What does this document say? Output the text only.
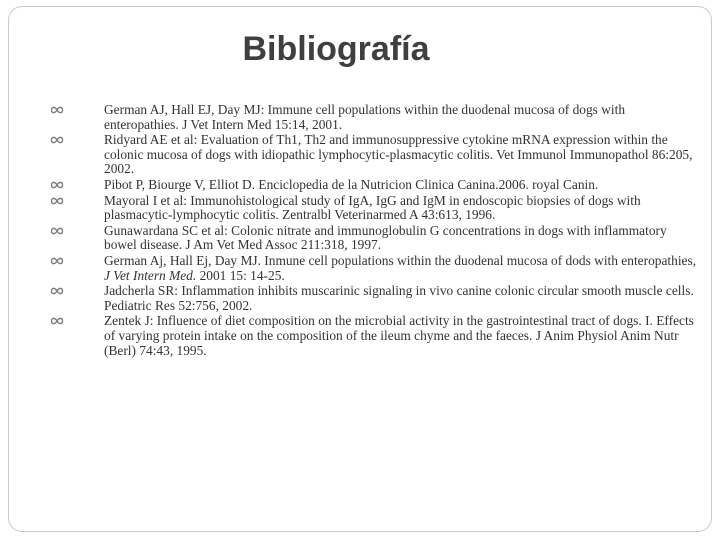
Bibliografía
German AJ, Hall EJ, Day MJ: Immune cell populations within the duodenal mucosa of dogs with enteropathies. J Vet Intern Med 15:14, 2001.
Ridyard AE et al: Evaluation of Th1, Th2 and immunosuppressive cytokine mRNA expression within the colonic mucosa of dogs with idiopathic lymphocytic-plasmacytic colitis. Vet Immunol Immunopathol 86:205, 2002.
Pibot P, Biourge V, Elliot D. Enciclopedia de la Nutricion Clinica Canina.2006. royal Canin.
Mayoral I et al: Immunohistological study of IgA, IgG and IgM in endoscopic biopsies of dogs with plasmacytic-lymphocytic colitis. Zentralbl Veterinarmed A 43:613, 1996.
Gunawardana SC et al: Colonic nitrate and immunoglobulin G concentrations in dogs with inflammatory bowel disease. J Am Vet Med Assoc 211:318, 1997.
German Aj, Hall Ej, Day MJ. Inmune cell populations within the duodenal mucosa of dods with enteropathies, J Vet Intern Med. 2001 15: 14-25.
Jadcherla SR: Inflammation inhibits muscarinic signaling in vivo canine colonic circular smooth muscle cells. Pediatric Res 52:756, 2002.
Zentek J: Influence of diet composition on the microbial activity in the gastrointestinal tract of dogs. I. Effects of varying protein intake on the composition of the ileum chyme and the faeces. J Anim Physiol Anim Nutr (Berl) 74:43, 1995.
